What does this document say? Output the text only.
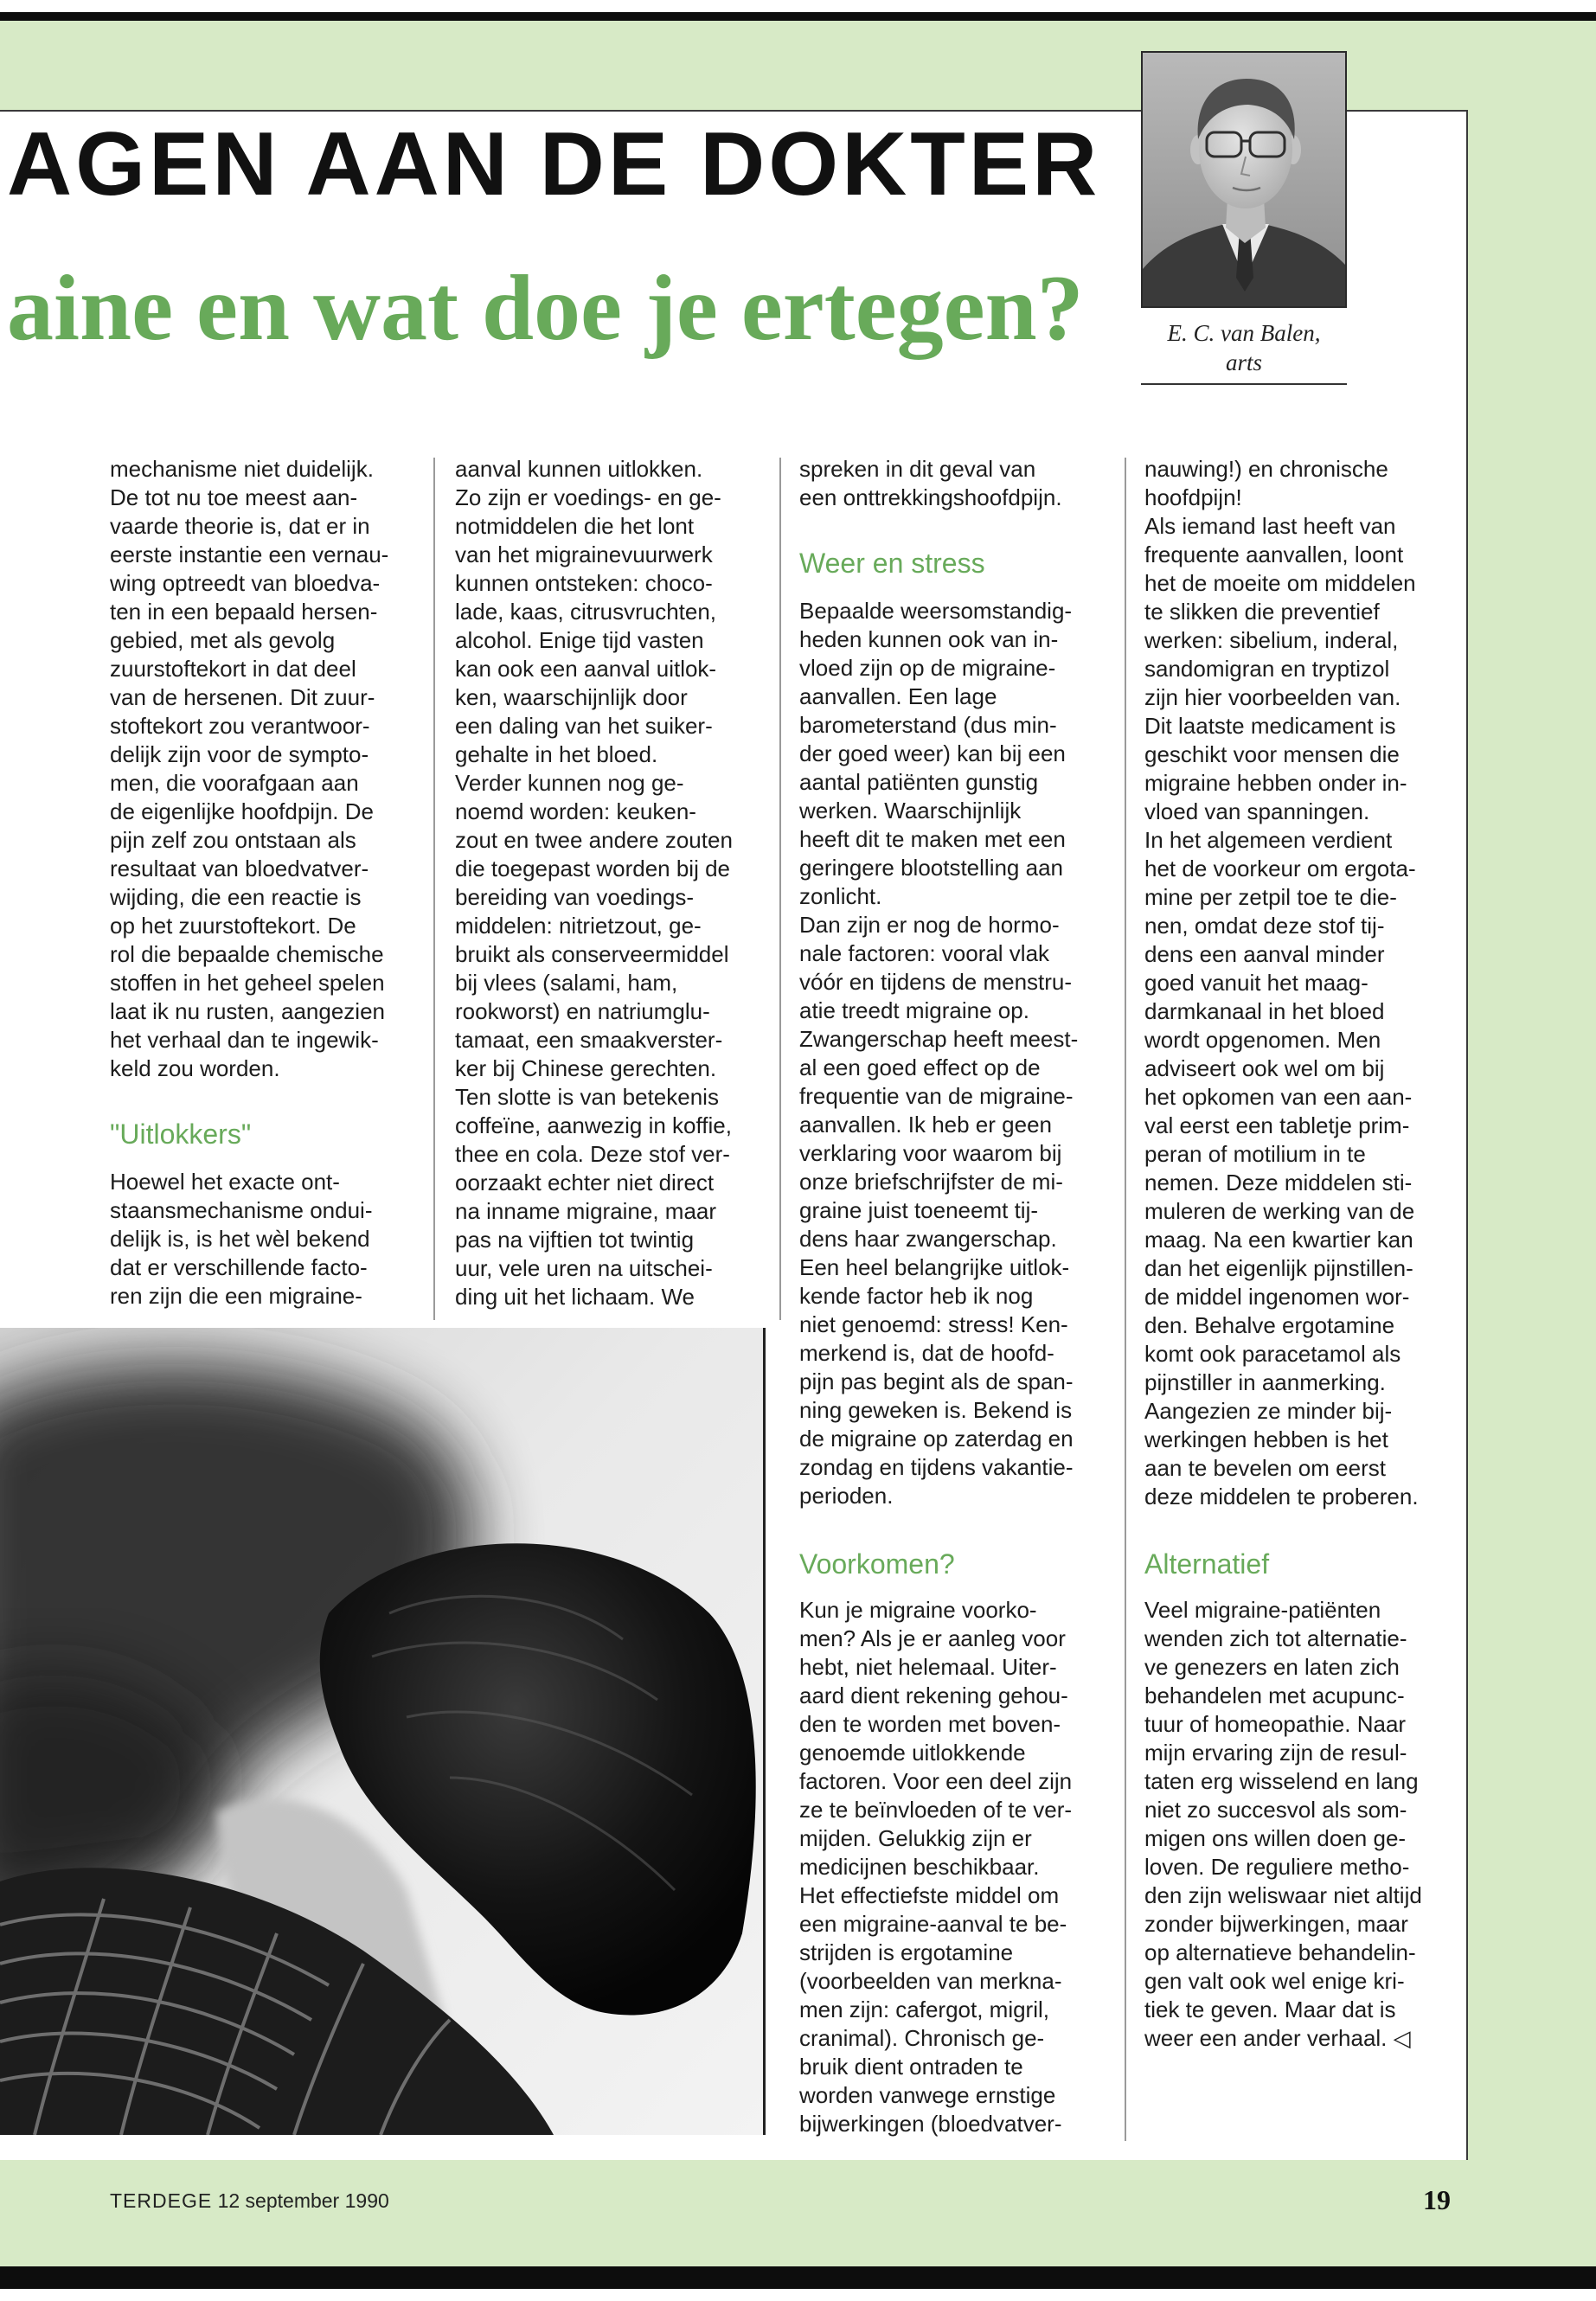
AGEN AAN DE DOKTER
aine en wat doe je ertegen?	E. C. van Balen,
arts
mechanisme niet duidelijk.
De tot nu toe meest aan-
vaarde theorie is, dat er in
eerste instantie een vernau-
wing optreedt van bloedva-
ten in een bepaald hersen-
gebied, met als gevolg
zuurstoftekort in dat deel
van de hersenen. Dit zuur-
stoftekort zou verantwoor-
delijk zijn voor de sympto-
men, die voorafgaan aan
de eigenlijke hoofdpijn. De
pijn zelf zou ontstaan als
resultaat van bloedvatver-
wijding, die een reactie is
op het zuurstoftekort. De
rol die bepaalde chemische
stoffen in het geheel spelen
laat ik nu rusten, aangezien
het verhaal dan te ingewik-
keld zou worden.
"Uitlokkers"
Hoewel het exacte ont-
staansmechanisme ondui-
delijk is, is het wèl bekend
dat er verschillende facto-
ren zijn die een migraine-
aanval kunnen uitlokken.
Zo zijn er voedings- en ge-
notmiddelen die het lont
van het migrainevuurwerk
kunnen ontsteken: choco-
lade, kaas, citrusvruchten,
alcohol. Enige tijd vasten
kan ook een aanval uitlok-
ken, waarschijnlijk door
een daling van het suiker-
gehalte in het bloed.
Verder kunnen nog ge-
noemd worden: keuken-
zout en twee andere zouten
die toegepast worden bij de
bereiding van voedings-
middelen: nitrietzout, ge-
bruikt als conserveermiddel
bij vlees (salami, ham,
rookworst) en natriumglu-
tamaat, een smaakverster-
ker bij Chinese gerechten.
Ten slotte is van betekenis
coffeïne, aanwezig in koffie,
thee en cola. Deze stof ver-
oorzaakt echter niet direct
na inname migraine, maar
pas na vijftien tot twintig
uur, vele uren na uitschei-
ding uit het lichaam. We
spreken in dit geval van
een onttrekkingshoofdpijn.
Weer en stress
Bepaalde weersomstandig-
heden kunnen ook van in-
vloed zijn op de migraine-
aanvallen. Een lage
barometerstand (dus min-
der goed weer) kan bij een
aantal patiënten gunstig
werken. Waarschijnlijk
heeft dit te maken met een
geringere blootstelling aan
zonlicht.
Dan zijn er nog de hormo-
nale factoren: vooral vlak
vóór en tijdens de menstru-
atie treedt migraine op.
Zwangerschap heeft meest-
al een goed effect op de
frequentie van de migraine-
aanvallen. Ik heb er geen
verklaring voor waarom bij
onze briefschrijfster de mi-
graine juist toeneemt tij-
dens haar zwangerschap.
Een heel belangrijke uitlok-
kende factor heb ik nog
niet genoemd: stress! Ken-
merkend is, dat de hoofd-
pijn pas begint als de span-
ning geweken is. Bekend is
de migraine op zaterdag en
zondag en tijdens vakantie-
perioden.
Voorkomen?
Kun je migraine voorko-
men? Als je er aanleg voor
hebt, niet helemaal. Uiter-
aard dient rekening gehou-
den te worden met boven-
genoemde uitlokkende
factoren. Voor een deel zijn
ze te beïnvloeden of te ver-
mijden. Gelukkig zijn er
medicijnen beschikbaar.
Het effectiefste middel om
een migraine-aanval te be-
strijden is ergotamine
(voorbeelden van merkna-
men zijn: cafergot, migril,
cranimal). Chronisch ge-
bruik dient ontraden te
worden vanwege ernstige
bijwerkingen (bloedvatver-
nauwing!) en chronische
hoofdpijn!
Als iemand last heeft van
frequente aanvallen, loont
het de moeite om middelen
te slikken die preventief
werken: sibelium, inderal,
sandomigran en tryptizol
zijn hier voorbeelden van.
Dit laatste medicament is
geschikt voor mensen die
migraine hebben onder in-
vloed van spanningen.
In het algemeen verdient
het de voorkeur om ergota-
mine per zetpil toe te die-
nen, omdat deze stof tij-
dens een aanval minder
goed vanuit het maag-
darmkanaal in het bloed
wordt opgenomen. Men
adviseert ook wel om bij
het opkomen van een aan-
val eerst een tabletje prim-
peran of motilium in te
nemen. Deze middelen sti-
muleren de werking van de
maag. Na een kwartier kan
dan het eigenlijk pijnstillen-
de middel ingenomen wor-
den. Behalve ergotamine
komt ook paracetamol als
pijnstiller in aanmerking.
Aangezien ze minder bij-
werkingen hebben is het
aan te bevelen om eerst
deze middelen te proberen.
Alternatief
Veel migraine-patiënten
wenden zich tot alternatie-
ve genezers en laten zich
behandelen met acupunc-
tuur of homeopathie. Naar
mijn ervaring zijn de resul-
taten erg wisselend en lang
niet zo succesvol als som-
migen ons willen doen ge-
loven. De reguliere metho-
den zijn weliswaar niet altijd
zonder bijwerkingen, maar
op alternatieve behandelin-
gen valt ook wel enige kri-
tiek te geven. Maar dat is
weer een ander verhaal. ◁
TERDEGE 12 september 1990	19
